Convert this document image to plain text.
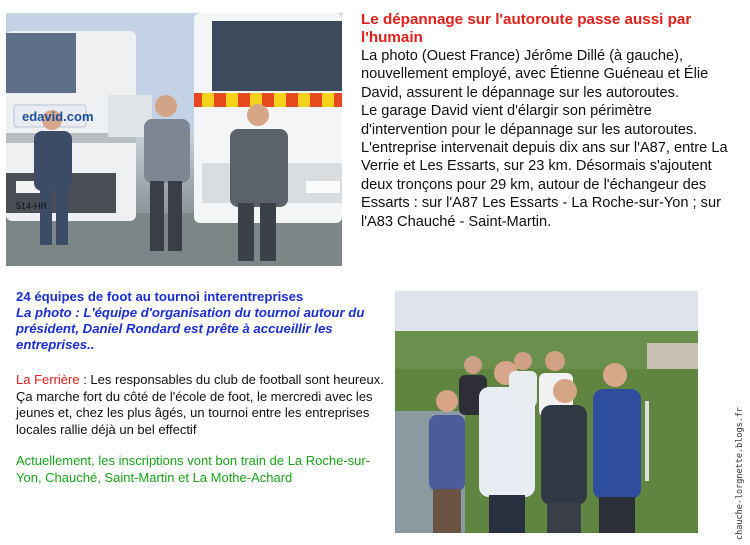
edavid.com
514-HR

Le dépannage sur l'autoroute passe aussi par l'humain

La photo (Ouest France) Jérôme Dillé (à gauche), nouvellement employé, avec Étienne Guéneau et Élie David, assurent le dépannage sur les autoroutes.

Le garage David vient d'élargir son périmètre d'intervention pour le dépannage sur les autoroutes. L'entreprise intervenait depuis dix ans sur l'A87, entre La Verrie et Les Essarts, sur 23 km. Désormais s'ajoutent deux tronçons pour 29 km, autour de l'échangeur des Essarts : sur l'A87 Les Essarts - La Roche-sur-Yon ; sur l'A83 Chauché - Saint-Martin.

24 équipes de foot au tournoi interentreprises

La photo : L'équipe d'organisation du tournoi autour du président, Daniel Rondard est prête à accueillir les entreprises..

La Ferrière : Les responsables du club de football sont heureux. Ça marche fort du côté de l'école de foot, le mercredi avec les jeunes et, chez les plus âgés, un tournoi entre les entreprises locales rallie déjà un bel effectif

Actuellement, les inscriptions vont bon train de La Roche-sur-Yon, Chauché, Saint-Martin et La Mothe-Achard	chauche-lorgnette.blogs.fr
